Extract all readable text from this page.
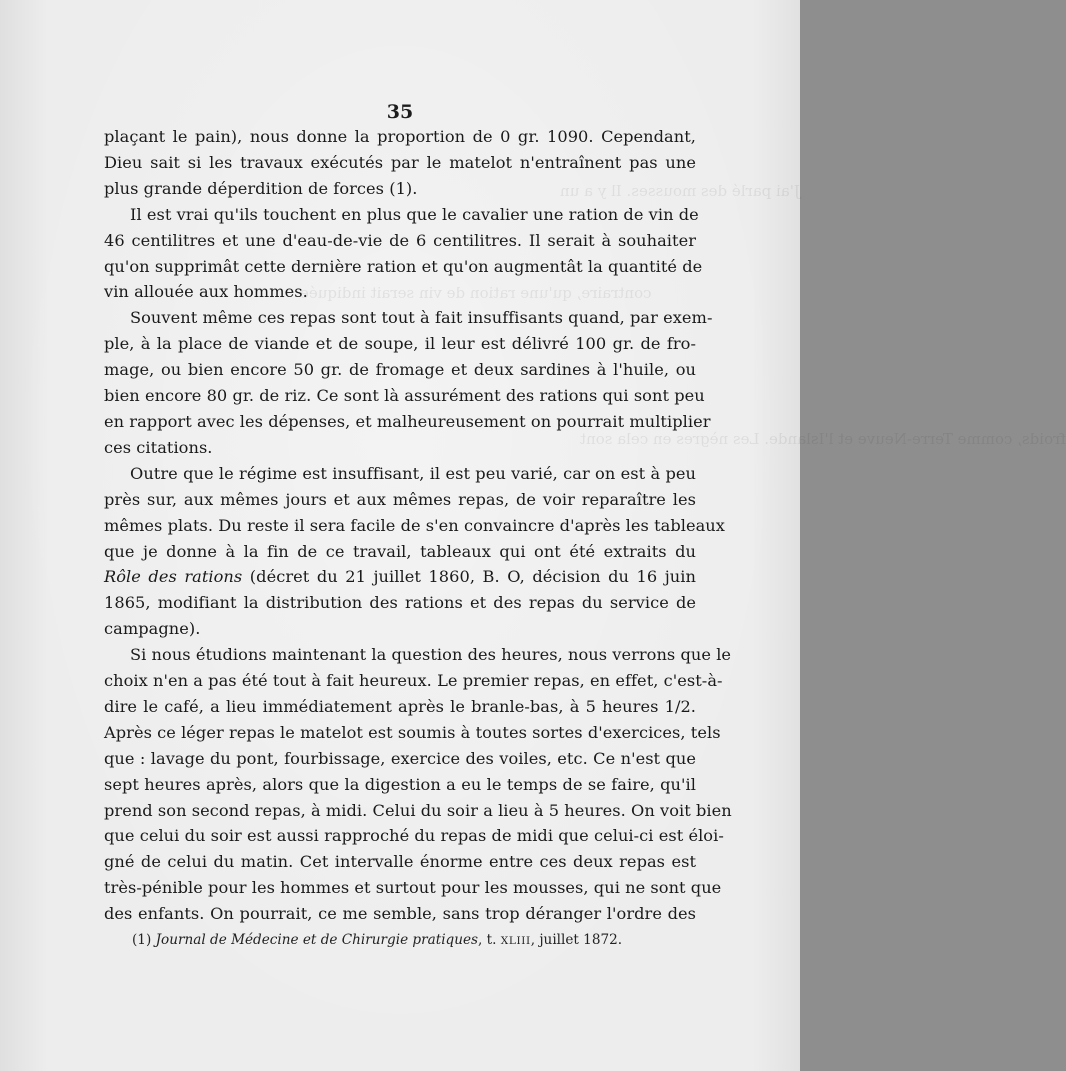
J'ai parlé des mousses. Il y a un
contraire, qu'une ration de vin serait indiquée
froids, comme Terre-Neuve et l'Islande. Les nègres en cela sont
35

plaçant le pain), nous donne la proportion de 0 gr. 1090. Cependant,
Dieu sait si les travaux exécutés par le matelot n'entraînent pas une
plus grande déperdition de forces (1).

Il est vrai qu'ils touchent en plus que le cavalier une ration de vin de
46 centilitres et une d'eau-de-vie de 6 centilitres. Il serait à souhaiter
qu'on supprimât cette dernière ration et qu'on augmentât la quantité de
vin allouée aux hommes.

Souvent même ces repas sont tout à fait insuffisants quand, par exem-
ple, à la place de viande et de soupe, il leur est délivré 100 gr. de fro-
mage, ou bien encore 50 gr. de fromage et deux sardines à l'huile, ou
bien encore 80 gr. de riz. Ce sont là assurément des rations qui sont peu
en rapport avec les dépenses, et malheureusement on pourrait multiplier
ces citations.

Outre que le régime est insuffisant, il est peu varié, car on est à peu
près sur, aux mêmes jours et aux mêmes repas, de voir reparaître les
mêmes plats. Du reste il sera facile de s'en convaincre d'après les tableaux
que je donne à la fin de ce travail, tableaux qui ont été extraits du
Rôle des rations (décret du 21 juillet 1860, B. O, décision du 16 juin
1865, modifiant la distribution des rations et des repas du service de
campagne).

Si nous étudions maintenant la question des heures, nous verrons que le
choix n'en a pas été tout à fait heureux. Le premier repas, en effet, c'est-à-
dire le café, a lieu immédiatement après le branle-bas, à 5 heures 1/2.
Après ce léger repas le matelot est soumis à toutes sortes d'exercices, tels
que : lavage du pont, fourbissage, exercice des voiles, etc. Ce n'est que
sept heures après, alors que la digestion a eu le temps de se faire, qu'il
prend son second repas, à midi. Celui du soir a lieu à 5 heures. On voit bien
que celui du soir est aussi rapproché du repas de midi que celui-ci est éloi-
gné de celui du matin. Cet intervalle énorme entre ces deux repas est
très-pénible pour les hommes et surtout pour les mousses, qui ne sont que
des enfants. On pourrait, ce me semble, sans trop déranger l'ordre des

(1) Journal de Médecine et de Chirurgie pratiques, t. XLIII, juillet 1872.
